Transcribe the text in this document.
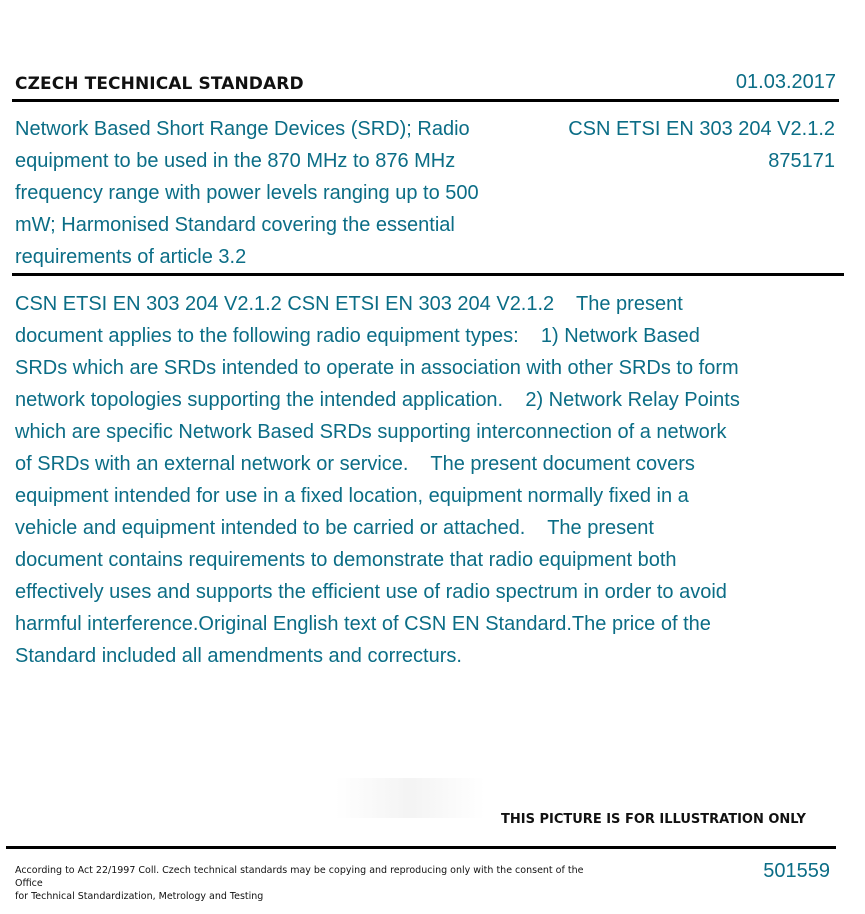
CZECH TECHNICAL STANDARD	01.03.2017
Network Based Short Range Devices (SRD); Radio equipment to be used in the 870 MHz to 876 MHz frequency range with power levels ranging up to 500 mW; Harmonised Standard covering the essential requirements of article 3.2
CSN ETSI EN 303 204 V2.1.2
875171
CSN ETSI EN 303 204 V2.1.2 CSN ETSI EN 303 204 V2.1.2    The present document applies to the following radio equipment types:    1) Network Based SRDs which are SRDs intended to operate in association with other SRDs to form network topologies supporting the intended application.    2) Network Relay Points which are specific Network Based SRDs supporting interconnection of a network of SRDs with an external network or service.    The present document covers equipment intended for use in a fixed location, equipment normally fixed in a vehicle and equipment intended to be carried or attached.    The present document contains requirements to demonstrate that radio equipment both effectively uses and supports the efficient use of radio spectrum in order to avoid harmful interference.Original English text of CSN EN Standard.The price of the Standard included all amendments and correcturs.
THIS PICTURE IS FOR ILLUSTRATION ONLY
According to Act 22/1997 Coll. Czech technical standards may be copying and reproducing only with the consent of the Office
for Technical Standardization, Metrology and Testing
501559
